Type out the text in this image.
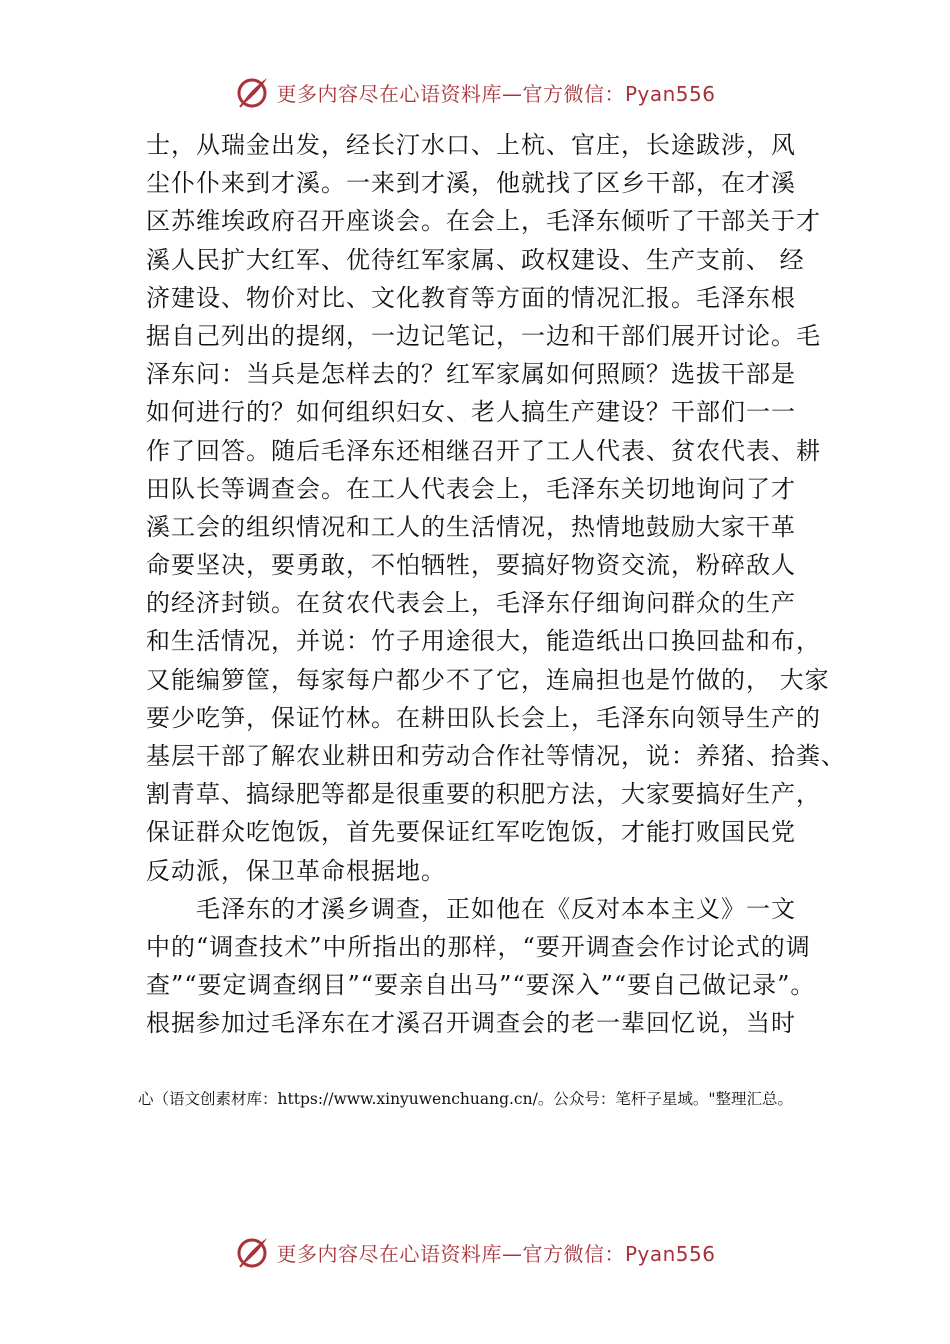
更多内容尽在心语资料库—官方微信：Pyan556
士，从瑞金出发，经长汀水口、上杭、官庄，长途跋涉，风
尘仆仆来到才溪。一来到才溪，他就找了区乡干部，在才溪
区苏维埃政府召开座谈会。在会上，毛泽东倾听了干部关于才
溪人民扩大红军、优待红军家属、政权建设、生产支前、 经
济建设、物价对比、文化教育等方面的情况汇报。毛泽东根
据自己列出的提纲，一边记笔记，一边和干部们展开讨论。毛
泽东问：当兵是怎样去的？红军家属如何照顾？选拔干部是
如何进行的？如何组织妇女、老人搞生产建设？干部们一一
作了回答。随后毛泽东还相继召开了工人代表、贫农代表、耕
田队长等调查会。在工人代表会上，毛泽东关切地询问了才
溪工会的组织情况和工人的生活情况，热情地鼓励大家干革
命要坚决，要勇敢，不怕牺牲，要搞好物资交流，粉碎敌人
的经济封锁。在贫农代表会上，毛泽东仔细询问群众的生产
和生活情况，并说：竹子用途很大，能造纸出口换回盐和布，
又能编箩筐，每家每户都少不了它，连扁担也是竹做的， 大家
要少吃笋，保证竹林。在耕田队长会上，毛泽东向领导生产的
基层干部了解农业耕田和劳动合作社等情况，说：养猪、拾粪、
割青草、搞绿肥等都是很重要的积肥方法，大家要搞好生产，
保证群众吃饱饭，首先要保证红军吃饱饭，才能打败国民党
反动派，保卫革命根据地。
毛泽东的才溪乡调查，正如他在《反对本本主义》一文
中的“调查技术”中所指出的那样，“要开调查会作讨论式的调
查”“要定调查纲目”“要亲自出马”“要深入”“要自己做记录”。
根据参加过毛泽东在才溪召开调查会的老一辈回忆说，当时
心（语文创素材库：https://www.xinyuwenchuang.cn/。公众号：笔杆子星域。"整理汇总。
更多内容尽在心语资料库—官方微信：Pyan556
